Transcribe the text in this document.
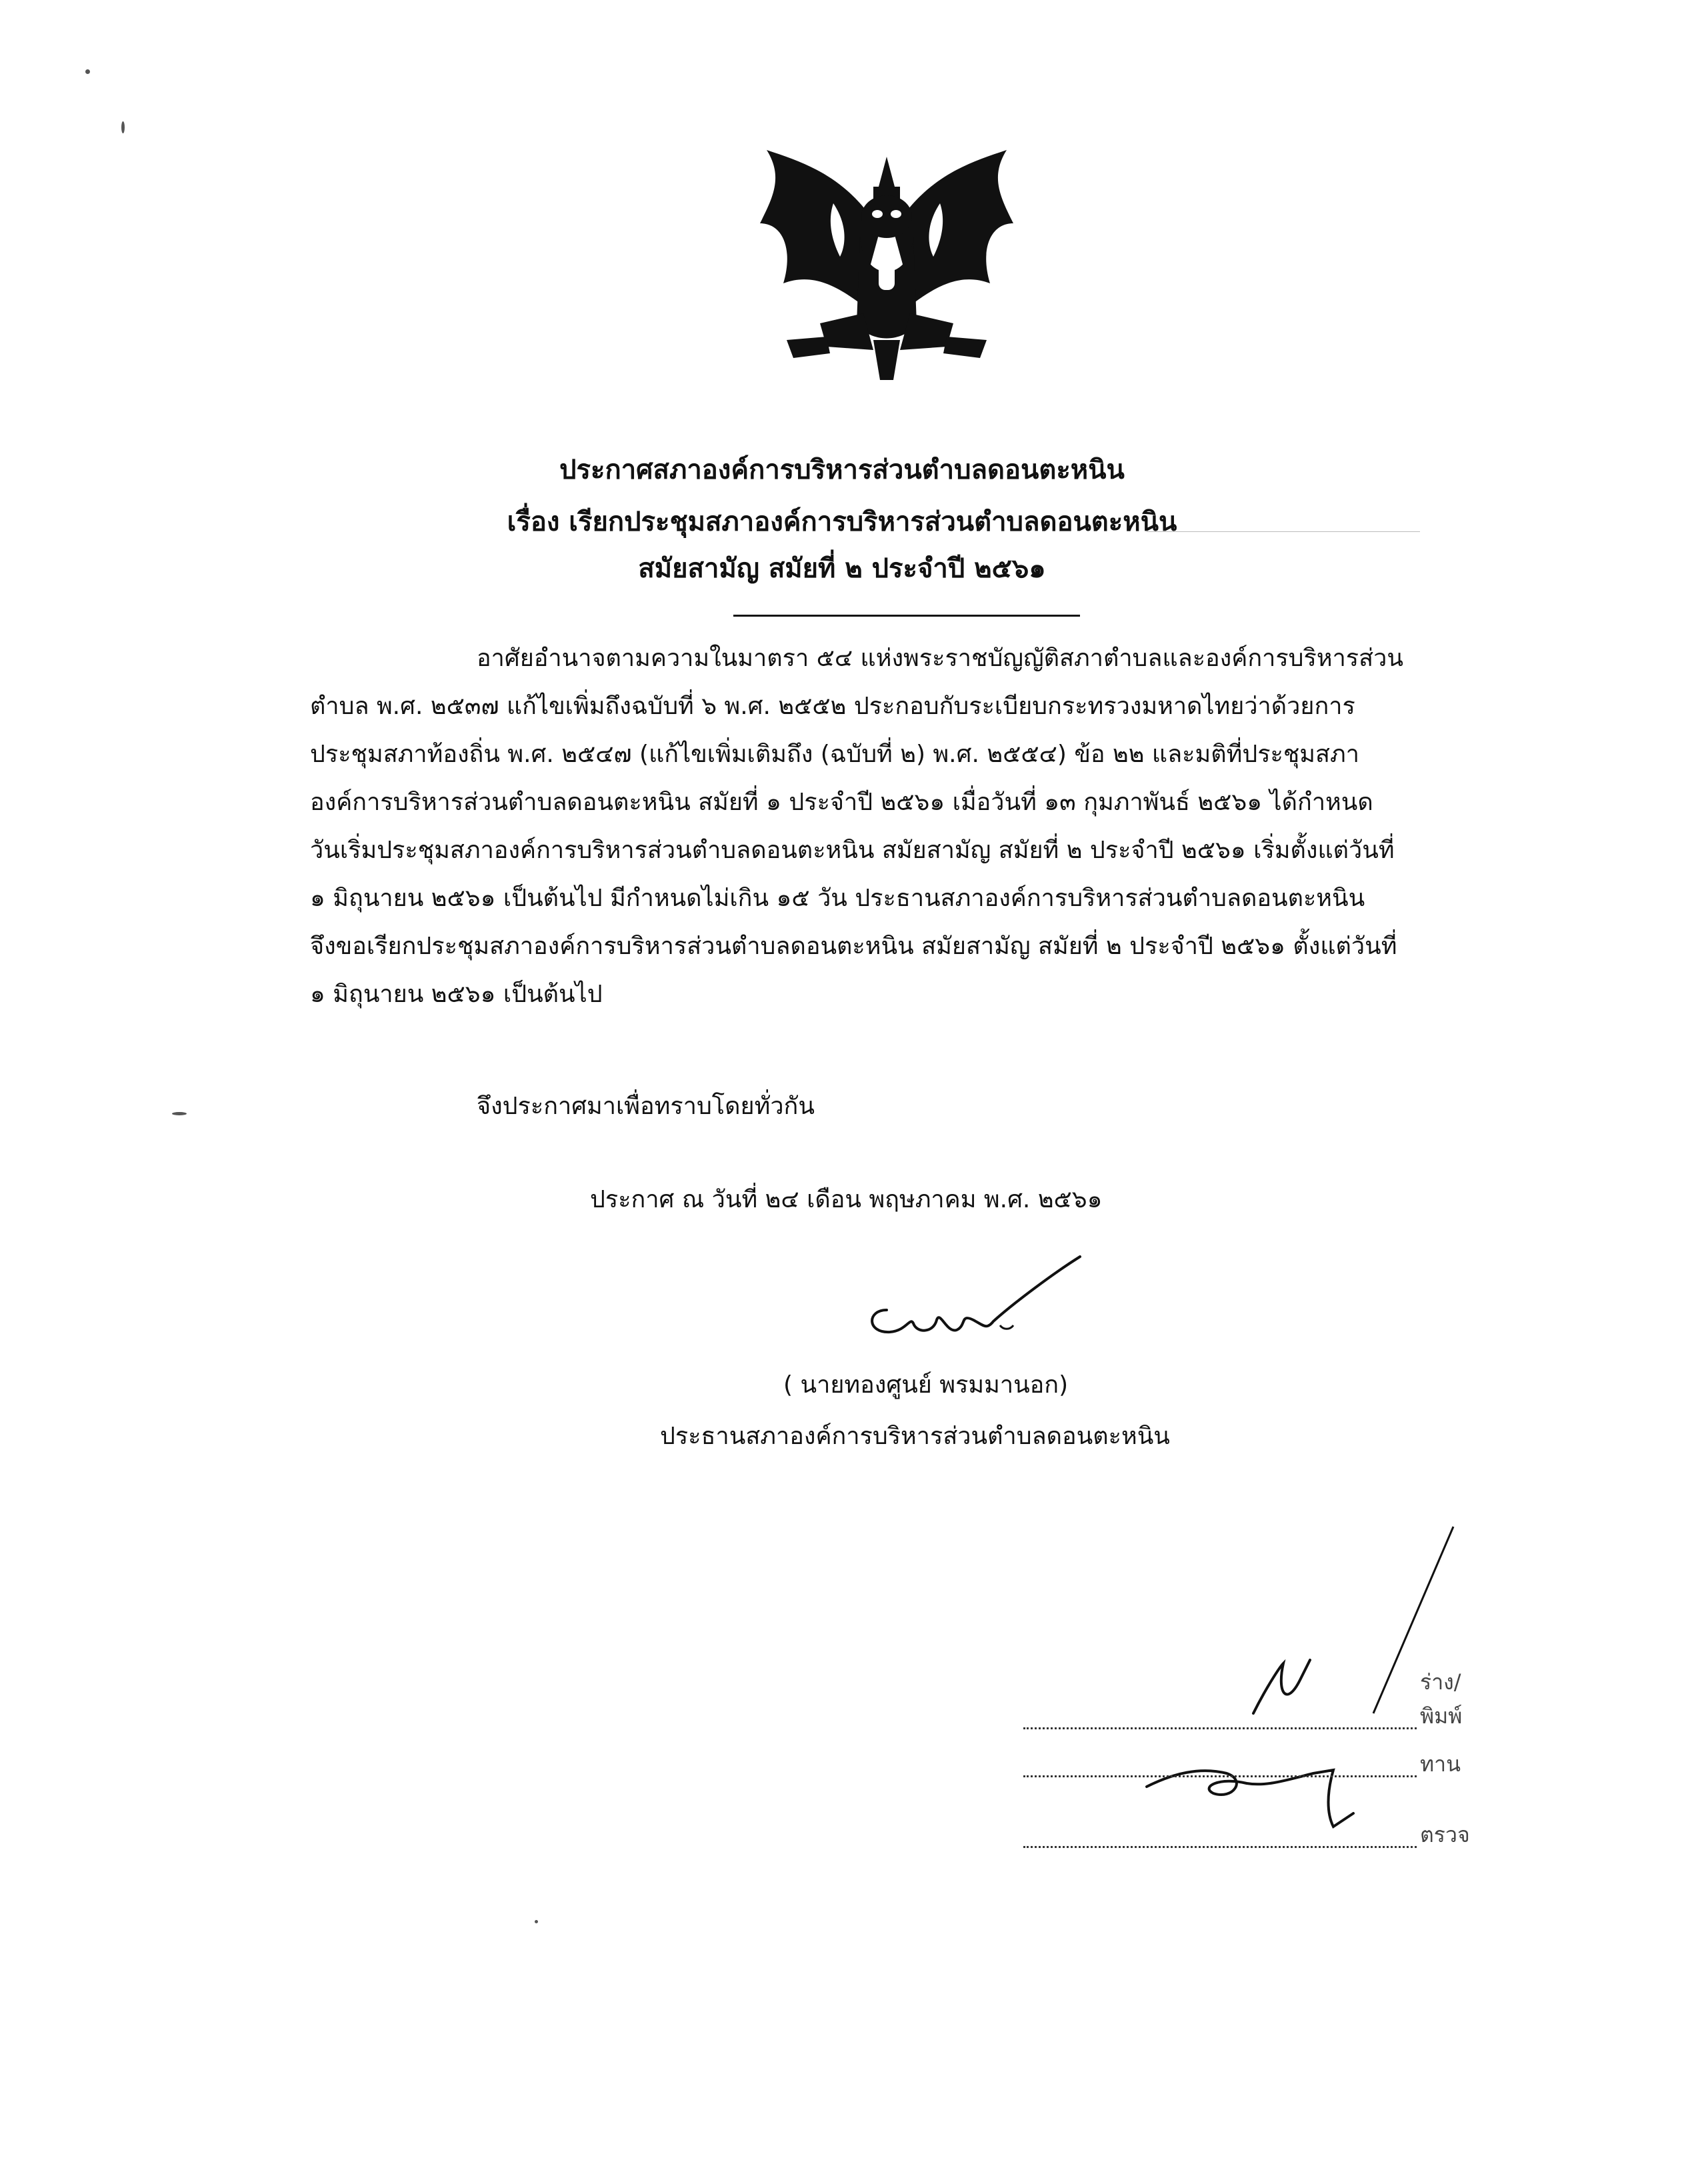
ประกาศสภาองค์การบริหารส่วนตำบลดอนตะหนิน
เรื่อง เรียกประชุมสภาองค์การบริหารส่วนตำบลดอนตะหนิน
สมัยสามัญ สมัยที่ ๒ ประจำปี ๒๕๖๑
อาศัยอำนาจตามความในมาตรา ๕๔ แห่งพระราชบัญญัติสภาตำบลและองค์การบริหารส่วน
ตำบล พ.ศ. ๒๕๓๗ แก้ไขเพิ่มถึงฉบับที่ ๖ พ.ศ. ๒๕๕๒ ประกอบกับระเบียบกระทรวงมหาดไทยว่าด้วยการ
ประชุมสภาท้องถิ่น พ.ศ. ๒๕๔๗ (แก้ไขเพิ่มเติมถึง (ฉบับที่ ๒) พ.ศ. ๒๕๕๔) ข้อ ๒๒ และมติที่ประชุมสภา
องค์การบริหารส่วนตำบลดอนตะหนิน สมัยที่ ๑ ประจำปี ๒๕๖๑ เมื่อวันที่ ๑๓ กุมภาพันธ์ ๒๕๖๑ ได้กำหนด
วันเริ่มประชุมสภาองค์การบริหารส่วนตำบลดอนตะหนิน สมัยสามัญ สมัยที่ ๒ ประจำปี ๒๕๖๑ เริ่มตั้งแต่วันที่
๑ มิถุนายน ๒๕๖๑ เป็นต้นไป มีกำหนดไม่เกิน ๑๕ วัน ประธานสภาองค์การบริหารส่วนตำบลดอนตะหนิน
จึงขอเรียกประชุมสภาองค์การบริหารส่วนตำบลดอนตะหนิน สมัยสามัญ สมัยที่ ๒ ประจำปี ๒๕๖๑ ตั้งแต่วันที่
๑ มิถุนายน ๒๕๖๑ เป็นต้นไป
จึงประกาศมาเพื่อทราบโดยทั่วกัน
ประกาศ ณ วันที่ ๒๔ เดือน พฤษภาคม พ.ศ. ๒๕๖๑
( นายทองศูนย์ พรมมานอก)
ประธานสภาองค์การบริหารส่วนตำบลดอนตะหนิน
ร่าง/พิมพ์
ทาน
ตรวจ
